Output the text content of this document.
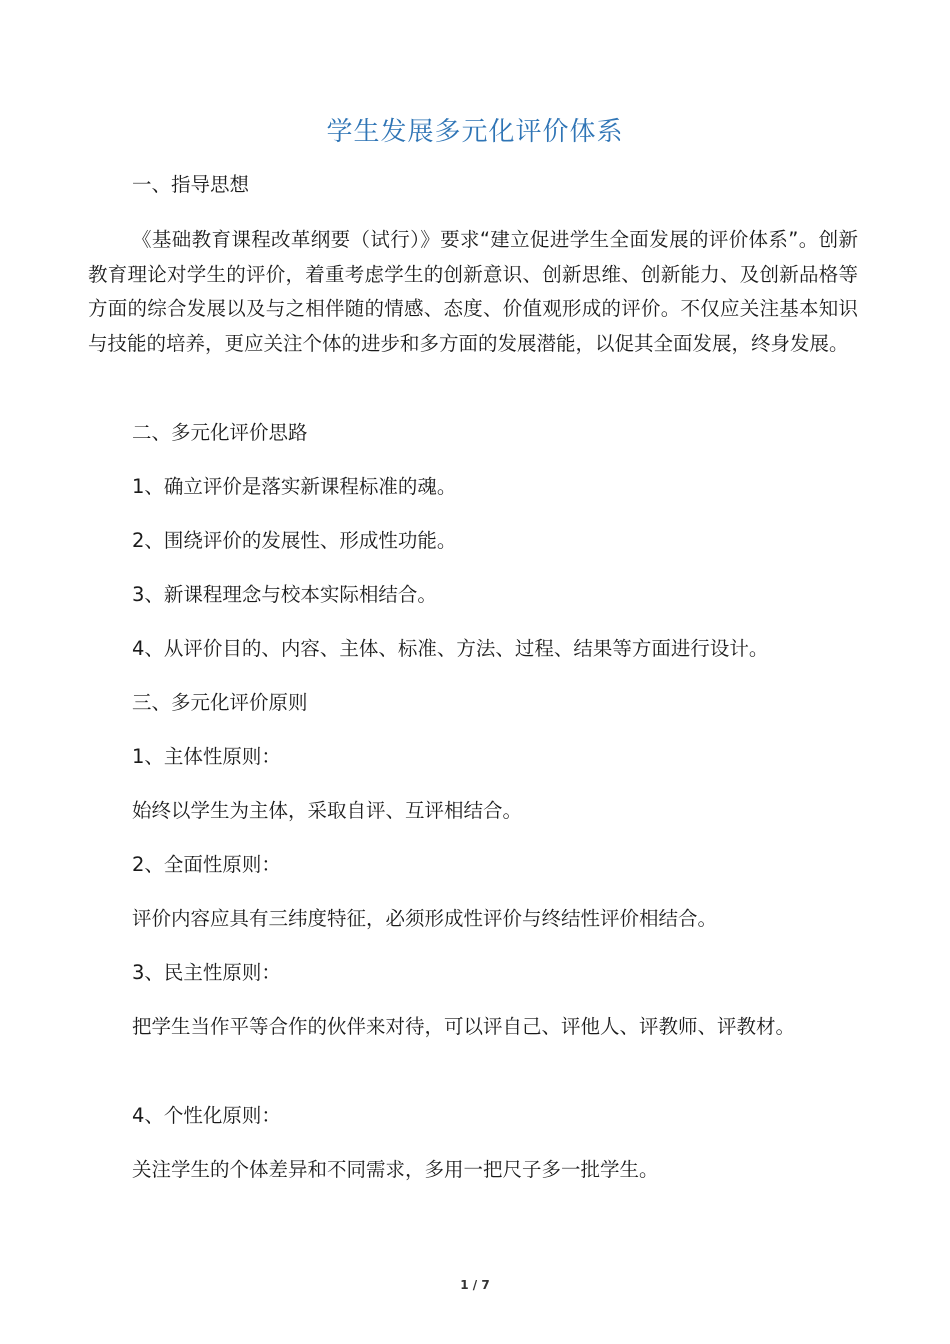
学生发展多元化评价体系
一、指导思想
《基础教育课程改革纲要（试行）》要求“建立促进学生全面发展的评价体系”。创新教育理论对学生的评价，着重考虑学生的创新意识、创新思维、创新能力、及创新品格等方面的综合发展以及与之相伴随的情感、态度、价值观形成的评价。不仅应关注基本知识与技能的培养，更应关注个体的进步和多方面的发展潜能，以促其全面发展，终身发展。
二、多元化评价思路
1、确立评价是落实新课程标准的魂。
2、围绕评价的发展性、形成性功能。
3、新课程理念与校本实际相结合。
4、从评价目的、内容、主体、标准、方法、过程、结果等方面进行设计。
三、多元化评价原则
1、主体性原则：
始终以学生为主体，采取自评、互评相结合。
2、全面性原则：
评价内容应具有三纬度特征，必须形成性评价与终结性评价相结合。
3、民主性原则：
把学生当作平等合作的伙伴来对待，可以评自己、评他人、评教师、评教材。
4、个性化原则：
关注学生的个体差异和不同需求，多用一把尺子多一批学生。
1 / 7
